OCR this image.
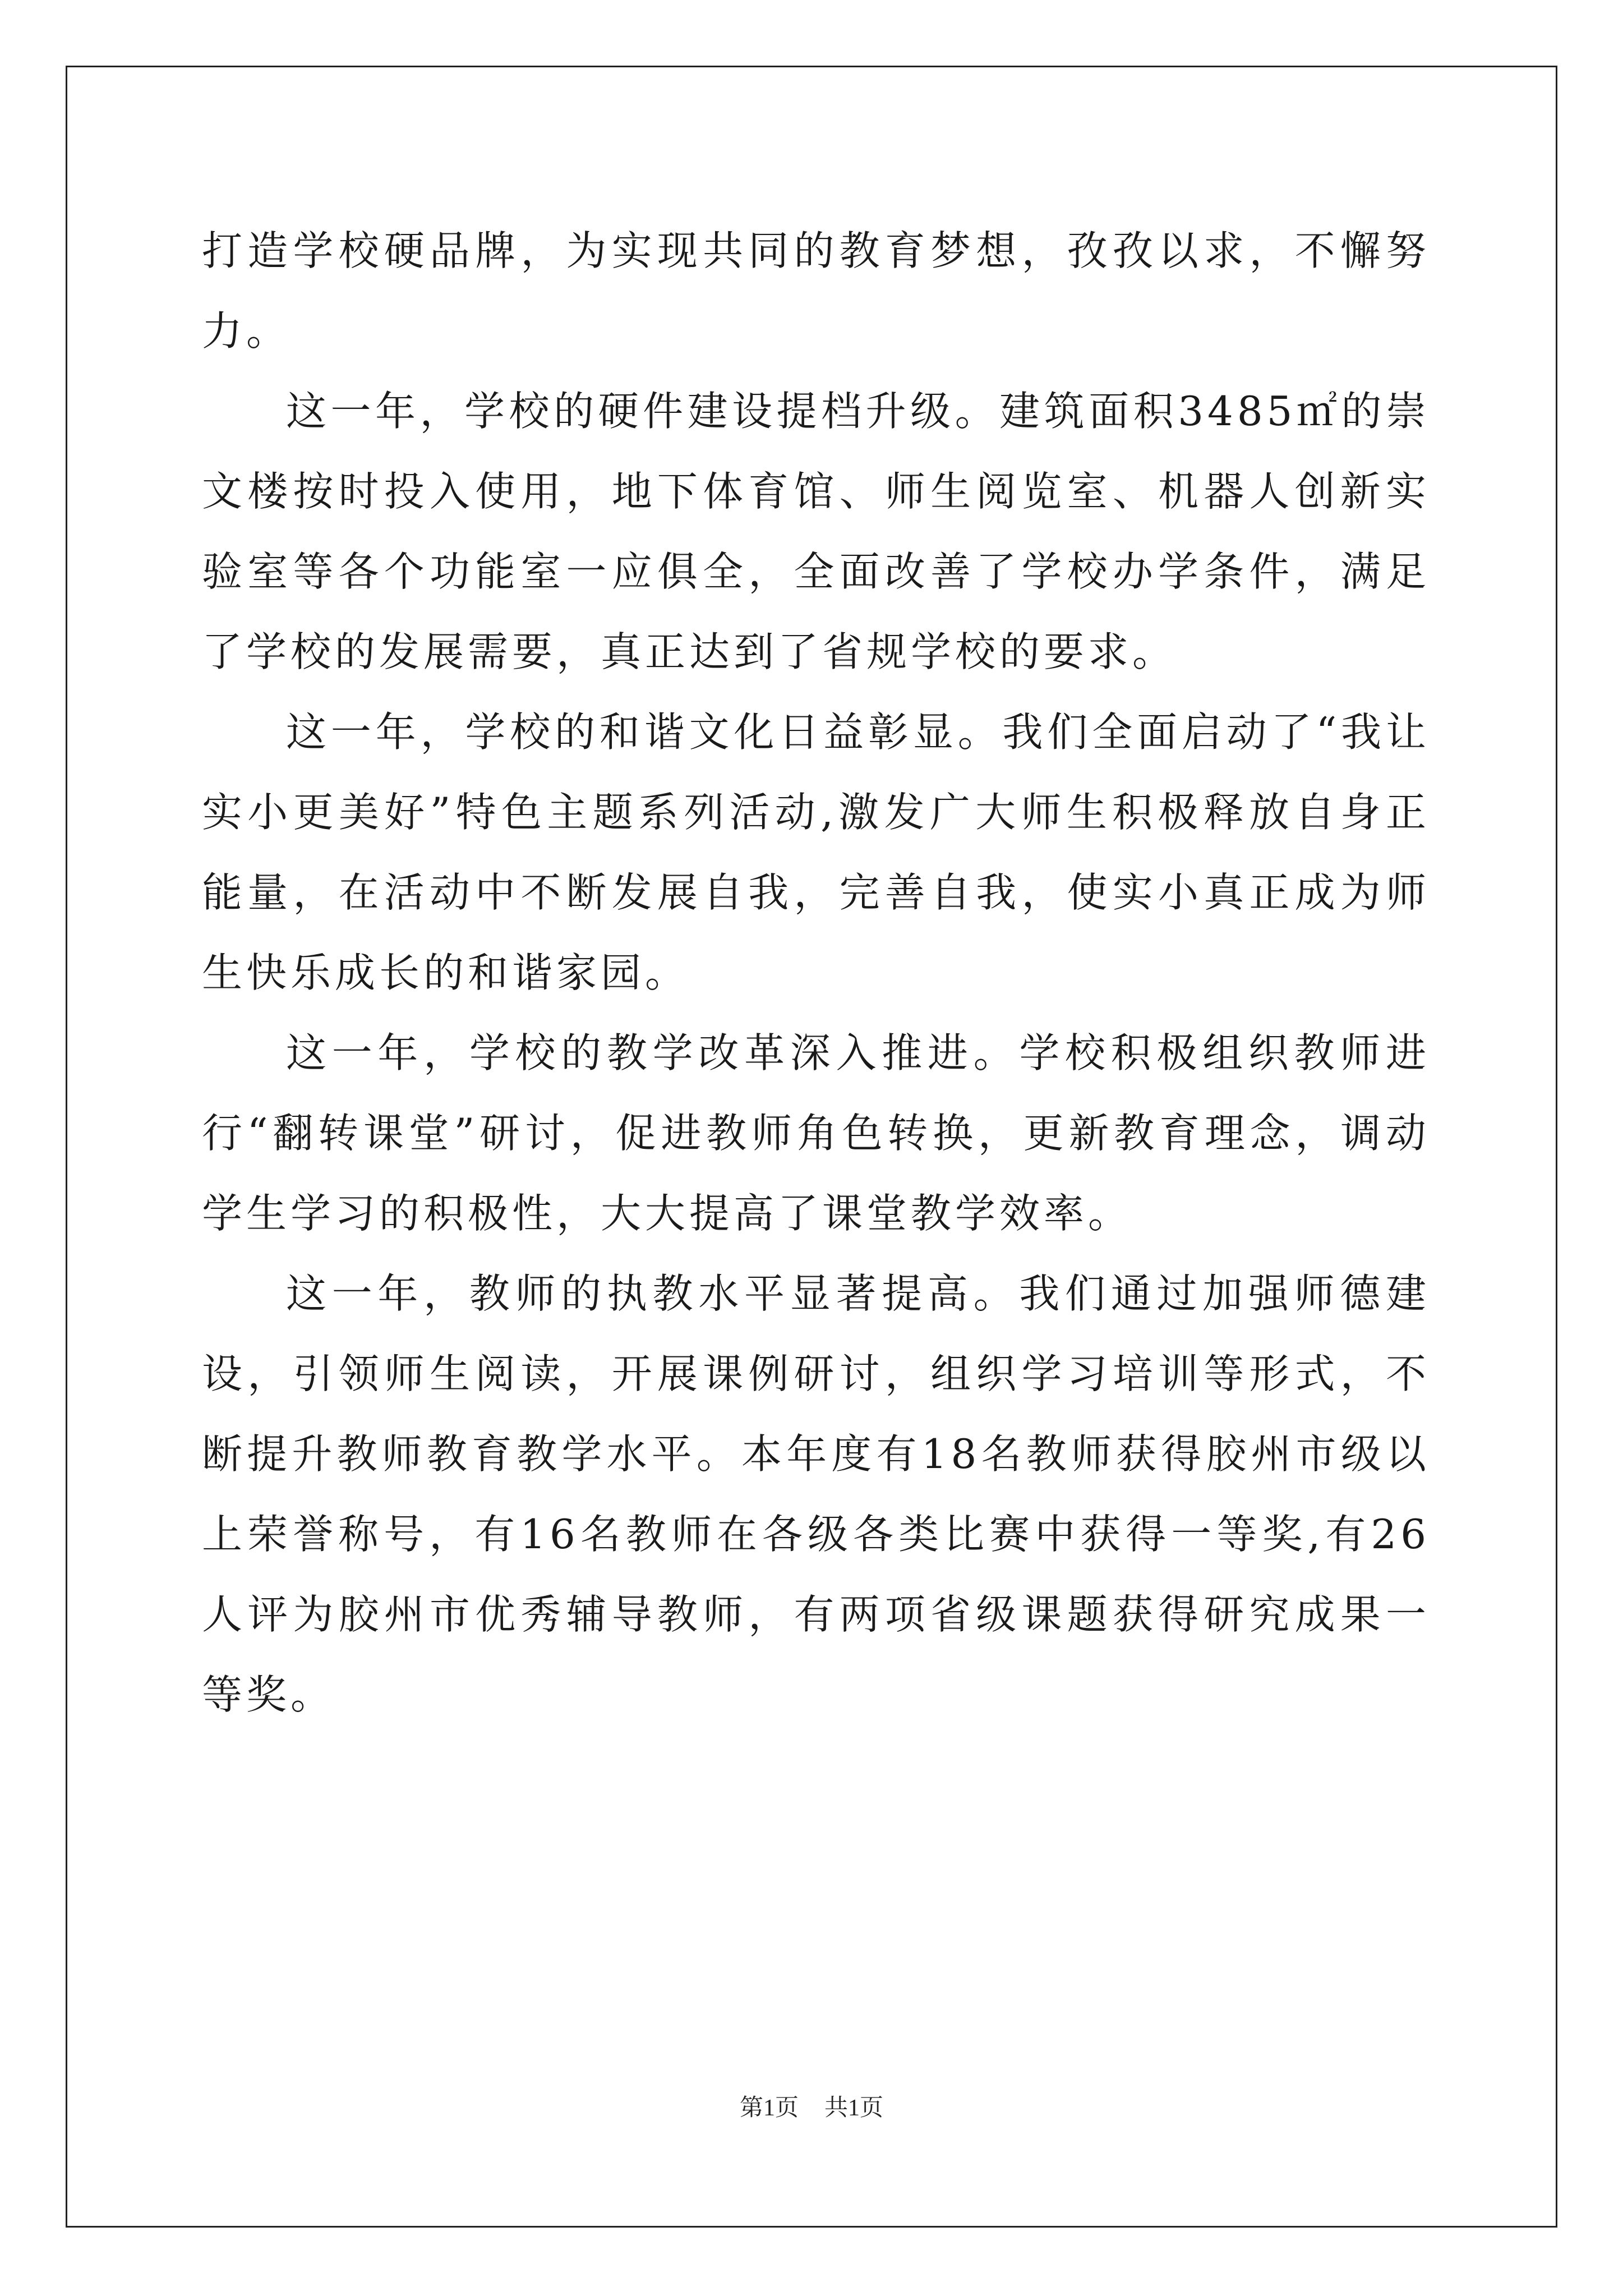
打造学校硬品牌，为实现共同的教育梦想，孜孜以求，不懈努力。

这一年，学校的硬件建设提档升级。建筑面积3485㎡的崇文楼按时投入使用，地下体育馆、师生阅览室、机器人创新实验室等各个功能室一应俱全，全面改善了学校办学条件，满足了学校的发展需要，真正达到了省规学校的要求。

这一年，学校的和谐文化日益彰显。我们全面启动了“我让实小更美好”特色主题系列活动,激发广大师生积极释放自身正能量，在活动中不断发展自我，完善自我，使实小真正成为师生快乐成长的和谐家园。

这一年，学校的教学改革深入推进。学校积极组织教师进行“翻转课堂”研讨，促进教师角色转换，更新教育理念，调动学生学习的积极性，大大提高了课堂教学效率。

这一年，教师的执教水平显著提高。我们通过加强师德建设，引领师生阅读，开展课例研讨，组织学习培训等形式，不断提升教师教育教学水平。本年度有18名教师获得胶州市级以上荣誉称号，有16名教师在各级各类比赛中获得一等奖,有26人评为胶州市优秀辅导教师，有两项省级课题获得研究成果一等奖。

第1页 共1页
